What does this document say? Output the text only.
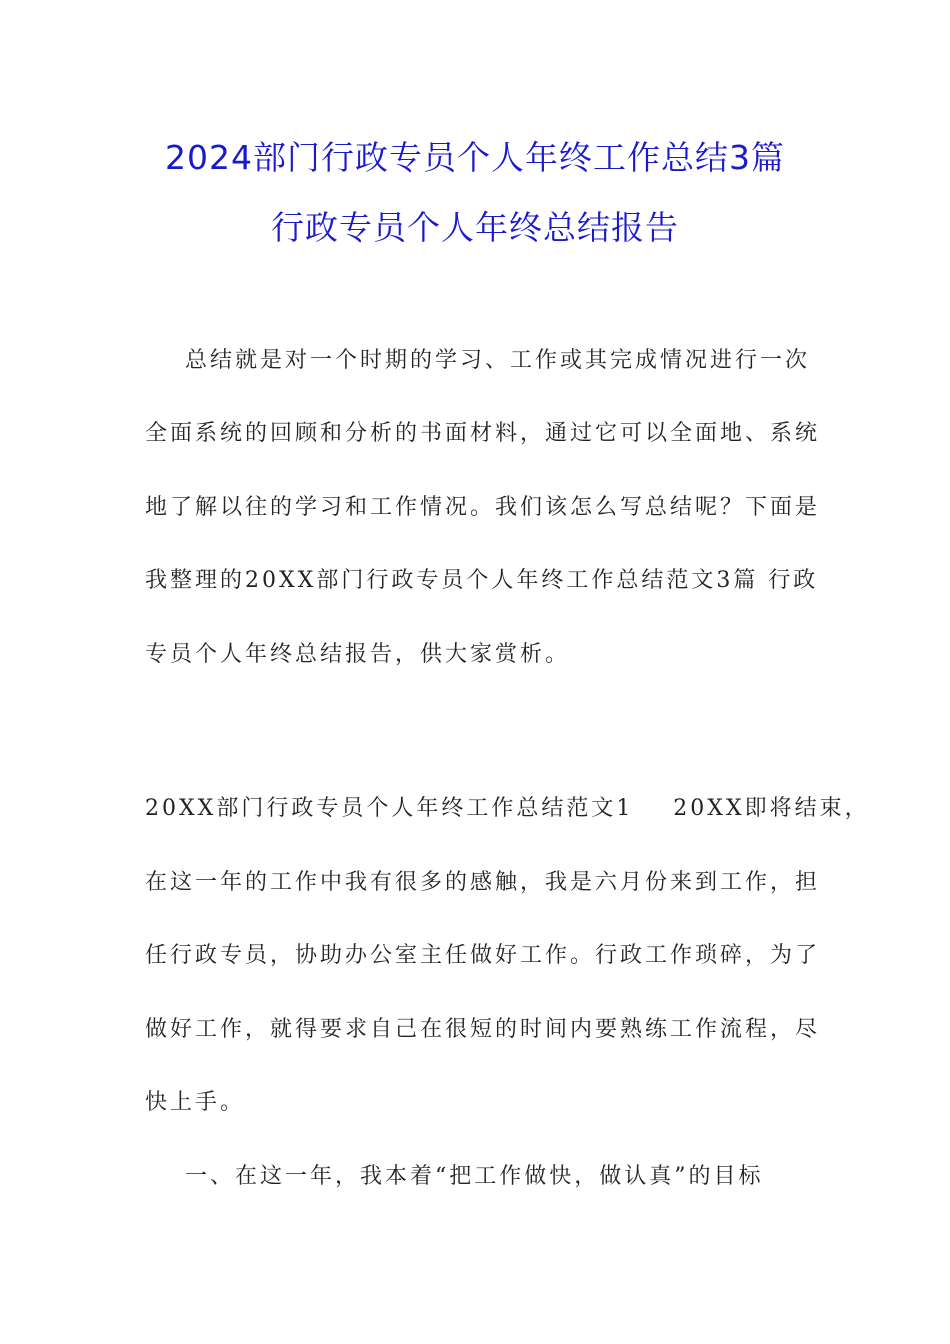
2024部门行政专员个人年终工作总结3篇
行政专员个人年终总结报告
总结就是对一个时期的学习、工作或其完成情况进行一次
全面系统的回顾和分析的书面材料，通过它可以全面地、系统
地了解以往的学习和工作情况。我们该怎么写总结呢？下面是
我整理的20XX部门行政专员个人年终工作总结范文3篇 行政
专员个人年终总结报告，供大家赏析。
20XX部门行政专员个人年终工作总结范文1    20XX即将结束，
在这一年的工作中我有很多的感触，我是六月份来到工作，担
任行政专员，协助办公室主任做好工作。行政工作琐碎，为了
做好工作，就得要求自己在很短的时间内要熟练工作流程，尽
快上手。
一、在这一年，我本着“把工作做快，做认真”的目标
